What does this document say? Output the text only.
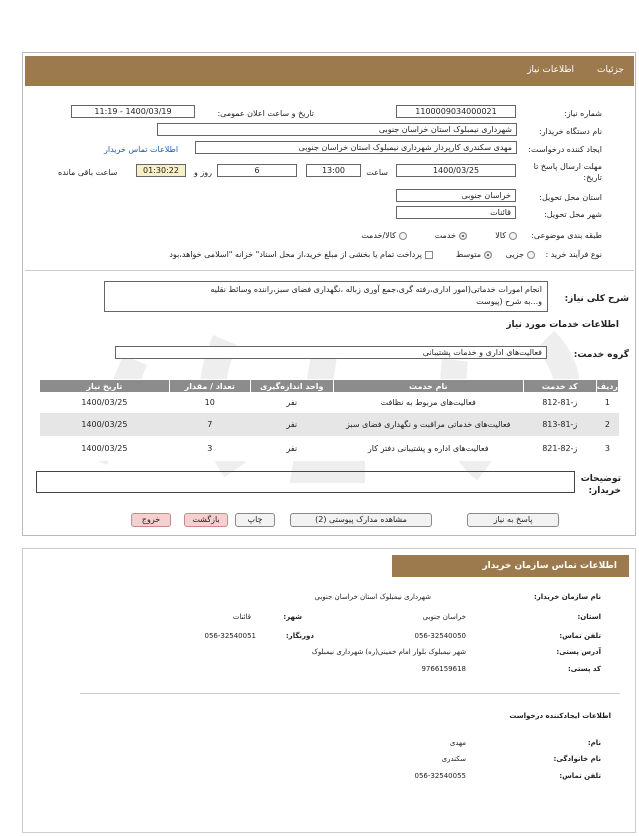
جزئیات
اطلاعات نیاز
شماره نیاز:
1100009034000021
تاریخ و ساعت اعلان عمومی:
1400/03/19 - 11:19
نام دستگاه خریدار:
شهرداری نیمبلوک استان خراسان جنوبی
ایجاد کننده درخواست:
مهدی سکندری کارپرداز شهرداری نیمبلوک استان خراسان جنوبی
اطلاعات تماس خریدار
مهلت ارسال پاسخ تا تاریخ:
1400/03/25
ساعت
13:00
6
روز و
01:30:22
ساعت باقی مانده
استان محل تحویل:
خراسان جنوبی
شهر محل تحویل:
قائنات
طبقه بندی موضوعی:
کالا
خدمت
کالا/خدمت
نوع فرآیند خرید :
جزیی
متوسط
پرداخت تمام یا بخشی از مبلغ خرید،از محل اسناد" خزانه "اسلامی خواهد،بود
شرح کلی نیاز:
انجام امورات خدماتی(امور اداری،رفته گری،جمع آوری زباله ،نگهداری فضای سبز،رانندە وسائط نقلیه
و...به شرح (پیوست
اطلاعات خدمات مورد نیاز
گروه خدمت:
فعالیت‌های اداری و خدمات پشتیبانی
ردیف	کد خدمت	نام خدمت	واحد اندازه‌گیری	تعداد / مقدار	تاریخ نیاز
1	ز-81-812	فعالیت‌های مربوط به نظافت	نفر	10	1400/03/25
2	ز-81-813	فعالیت‌های خدماتی مراقبت و نگهداری فضای سبز	نفر	7	1400/03/25
3	ز-82-821	فعالیت‌های اداره و پشتیبانی دفتر کار	نفر	3	1400/03/25
توضیحات خریدار:
پاسخ به نیاز
مشاهده مدارک پیوستی (2)
چاپ
بازگشت
خروج
اطلاعات تماس سازمان خریدار
نام سازمان خریدار:
شهرداری نیمبلوک استان خراسان جنوبی
استان:
خراسان جنوبی
شهر:
قائنات
تلفن تماس:
056-32540050
دورنگار:
056-32540051
آدرس پستی:
شهر نیمبلوک بلوار امام خمینی(ره) شهرداری نیمبلوک
کد پستی:
9766159618
اطلاعات ایجادکننده درخواست
نام:
مهدی
نام خانوادگی:
سکندری
تلفن تماس:
056-32540055
